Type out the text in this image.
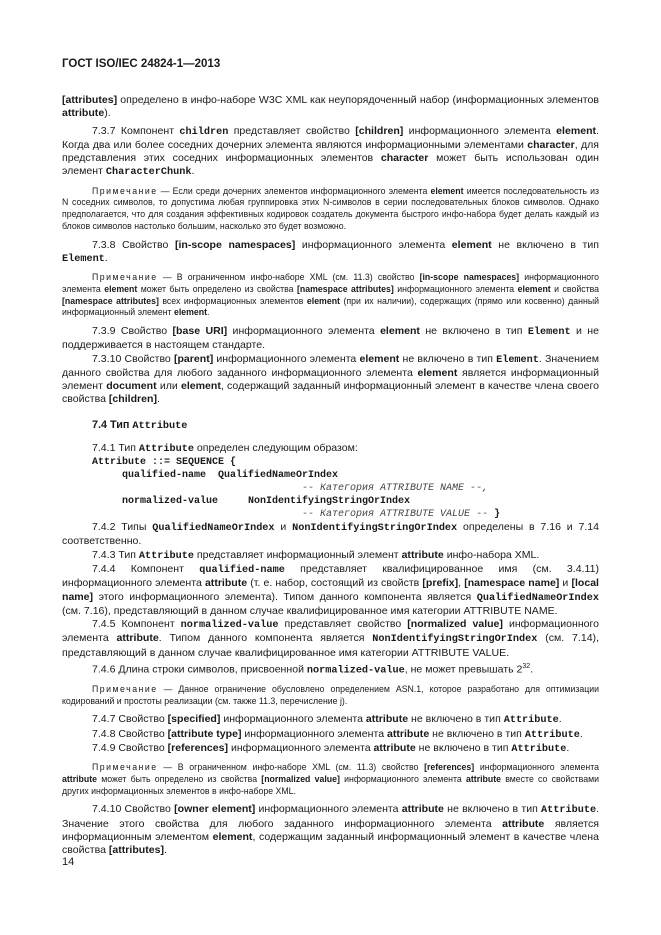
ГОСТ ISO/IEC 24824-1—2013

[attributes] определено в инфо-наборе W3C XML как неупорядоченный набор (информационных элементов attribute).

7.3.7 Компонент children представляет свойство [children] информационного элемента element. Когда два или более соседних дочерних элемента являются информационными элементами character, для представления этих соседних информационных элементов character может быть использован один элемент CharacterChunk.

Примечание — Если среди дочерних элементов информационного элемента element имеется последовательность из N соседних символов, то допустима любая группировка этих N-символов в серии последовательных блоков символов. Однако предполагается, что для создания эффективных кодировок создатель документа быстрого инфо-набора будет делать каждый из блоков символов настолько большим, насколько это будет возможно.

7.3.8 Свойство [in-scope namespaces] информационного элемента element не включено в тип Element.

Примечание — В ограниченном инфо-наборе XML (см. 11.3) свойство [in-scope namespaces] информационного элемента element может быть определено из свойства [namespace attributes] информационного элемента element и свойства [namespace attributes] всех информационных элементов element (при их наличии), содержащих (прямо или косвенно) данный информационный элемент element.

7.3.9 Свойство [base URI] информационного элемента element не включено в тип Element и не поддерживается в настоящем стандарте.

7.3.10 Свойство [parent] информационного элемента element не включено в тип Element. Значением данного свойства для любого заданного информационного элемента element является информационный элемент document или element, содержащий заданный информационный элемент в качестве члена своего свойства [children].

7.4 Тип Attribute

7.4.1 Тип Attribute определен следующим образом:

Attribute ::= SEQUENCE {
qualified-name  QualifiedNameOrIndex
-- Категория ATTRIBUTE NAME --,
normalized-value     NonIdentifyingStringOrIndex
-- Категория ATTRIBUTE VALUE -- }

7.4.2 Типы QualifiedNameOrIndex и NonIdentifyingStringOrIndex определены в 7.16 и 7.14 соответственно.

7.4.3 Тип Attribute представляет информационный элемент attribute инфо-набора XML.

7.4.4 Компонент qualified-name представляет квалифицированное имя (см. 3.4.11) информационного элемента attribute (т. е. набор, состоящий из свойств [prefix], [namespace name] и [local name] этого информационного элемента). Типом данного компонента является QualifiedNameOrIndex (см. 7.16), представляющий в данном случае квалифицированное имя категории ATTRIBUTE NAME.

7.4.5 Компонент normalized-value представляет свойство [normalized value] информационного элемента attribute. Типом данного компонента является NonIdentifyingStringOrIndex (см. 7.14), представляющий в данном случае квалифицированное имя категории ATTRIBUTE VALUE.

7.4.6 Длина строки символов, присвоенной normalized-value, не может превышать $2^{32}$.

Примечание — Данное ограничение обусловлено определением ASN.1, которое разработано для оптимизации кодирований и простоты реализации (см. также 11.3, перечисление j).

7.4.7 Свойство [specified] информационного элемента attribute не включено в тип Attribute.

7.4.8 Свойство [attribute type] информационного элемента attribute не включено в тип Attribute.

7.4.9 Свойство [references] информационного элемента attribute не включено в тип Attribute.

Примечание — В ограниченном инфо-наборе XML (см. 11.3) свойство [references] информационного элемента attribute может быть определено из свойства [normalized value] информационного элемента attribute вместе со свойствами других информационных элементов в инфо-наборе XML.

7.4.10 Свойство [owner element] информационного элемента attribute не включено в тип Attribute. Значение этого свойства для любого заданного информационного элемента attribute является информационным элементом element, содержащим заданный информационный элемент в качестве члена свойства [attributes].

14
